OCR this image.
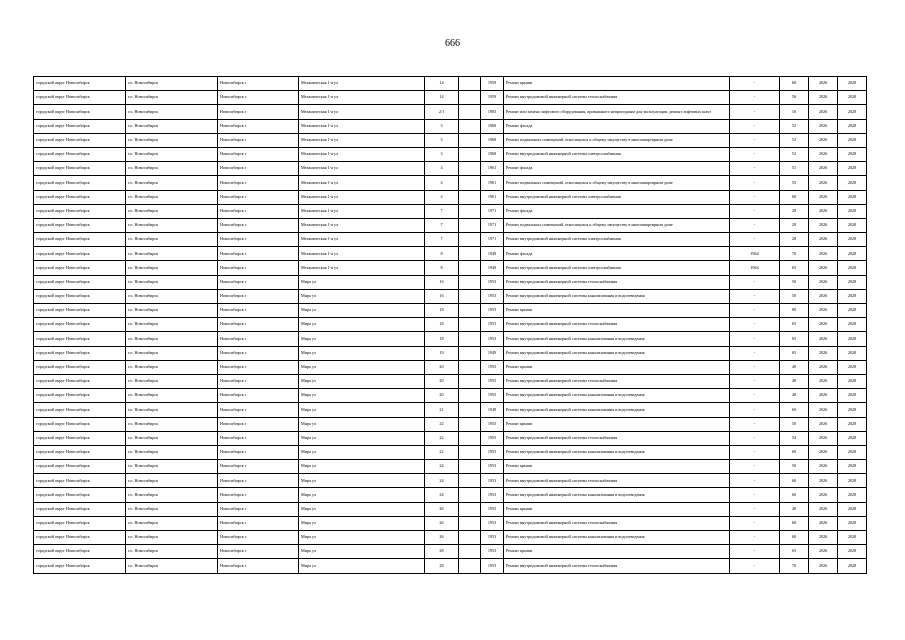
666
городской округ Новосибирск	г.о. Новосибирск	Новосибирск г	Механическая 1-я ул	14		1959	Ремонт крыши	-	60	2026	2028
городской округ Новосибирск	г.о. Новосибирск	Новосибирск г	Механическая 1-я ул	14		1959	Ремонт внутридомовой инженерной системы теплоснабжения	-	56	2026	2028
городской округ Новосибирск	г.о. Новосибирск	Новосибирск г	Механическая 1-я ул	2/1		1983	Ремонт или замена лифтового оборудования, признанного непригодным для эксплуатации, ремонт лифтовых шахт	-	16	2026	2028
городской округ Новосибирск	г.о. Новосибирск	Новосибирск г	Механическая 1-я ул	3		1968	Ремонт фасада	-	52	2026	2028
городской округ Новосибирск	г.о. Новосибирск	Новосибирск г	Механическая 1-я ул	3		1968	Ремонт подвальных помещений, относящихся к общему имуществу в многоквартирном доме	-	52	2026	2028
городской округ Новосибирск	г.о. Новосибирск	Новосибирск г	Механическая 1-я ул	3		1968	Ремонт внутридомовой инженерной системы электроснабжения	-	52	2026	2028
городской округ Новосибирск	г.о. Новосибирск	Новосибирск г	Механическая 1-я ул	4		1961	Ремонт фасада	-	51	2026	2028
городской округ Новосибирск	г.о. Новосибирск	Новосибирск г	Механическая 1-я ул	4		1961	Ремонт подвальных помещений, относящихся к общему имуществу в многоквартирном доме	-	55	2026	2028
городской округ Новосибирск	г.о. Новосибирск	Новосибирск г	Механическая 1-я ул	4		1961	Ремонт внутридомовой инженерной системы электроснабжения	-	60	2026	2028
городской округ Новосибирск	г.о. Новосибирск	Новосибирск г	Механическая 1-я ул	7		1971	Ремонт фасада	-	28	2026	2028
городской округ Новосибирск	г.о. Новосибирск	Новосибирск г	Механическая 1-я ул	7		1971	Ремонт подвальных помещений, относящихся к общему имуществу в многоквартирном доме	-	28	2026	2028
городской округ Новосибирск	г.о. Новосибирск	Новосибирск г	Механическая 1-я ул	7		1971	Ремонт внутридомовой инженерной системы электроснабжения	-	28	2026	2028
городской округ Новосибирск	г.о. Новосибирск	Новосибирск г	Механическая 1-я ул	8		1949	Ремонт фасада	1964	70	2026	2028
городской округ Новосибирск	г.о. Новосибирск	Новосибирск г	Механическая 1-я ул	8		1949	Ремонт внутридомовой инженерной системы электроснабжения	1964	65	2026	2028
городской округ Новосибирск	г.о. Новосибирск	Новосибирск г	Мира ул	16		1953	Ремонт внутридомовой инженерной системы теплоснабжения	-	50	2026	2028
городской округ Новосибирск	г.о. Новосибирск	Новосибирск г	Мира ул	16		1953	Ремонт внутридомовой инженерной системы канализования и водоотведения	-	50	2026	2028
городской округ Новосибирск	г.о. Новосибирск	Новосибирск г	Мира ул	18		1953	Ремонт крыши	-	80	2026	2028
городской округ Новосибирск	г.о. Новосибирск	Новосибирск г	Мира ул	18		1953	Ремонт внутридомовой инженерной системы теплоснабжения	-	65	2026	2028
городской округ Новосибирск	г.о. Новосибирск	Новосибирск г	Мира ул	18		1953	Ремонт внутридомовой инженерной системы канализования и водоотведения	-	65	2026	2028
городской округ Новосибирск	г.о. Новосибирск	Новосибирск г	Мира ул	19		1949	Ремонт внутридомовой инженерной системы канализования и водоотведения	-	65	2026	2028
городской округ Новосибирск	г.о. Новосибирск	Новосибирск г	Мира ул	20		1955	Ремонт крыши	-	40	2026	2028
городской округ Новосибирск	г.о. Новосибирск	Новосибирск г	Мира ул	20		1955	Ремонт внутридомовой инженерной системы теплоснабжения	-	48	2026	2028
городской округ Новосибирск	г.о. Новосибирск	Новосибирск г	Мира ул	20		1955	Ремонт внутридомовой инженерной системы канализования и водоотведения	-	48	2026	2028
городской округ Новосибирск	г.о. Новосибирск	Новосибирск г	Мира ул	21		1949	Ремонт внутридомовой инженерной системы канализования и водоотведения	-	60	2026	2028
городской округ Новосибирск	г.о. Новосибирск	Новосибирск г	Мира ул	22		1955	Ремонт крыши	-	50	2026	2028
городской округ Новосибирск	г.о. Новосибирск	Новосибирск г	Мира ул	22		1955	Ремонт внутридомовой инженерной системы теплоснабжения	-	54	2026	2028
городской округ Новосибирск	г.о. Новосибирск	Новосибирск г	Мира ул	22		1955	Ремонт внутридомовой инженерной системы канализования и водоотведения	-	60	2026	2028
городской округ Новосибирск	г.о. Новосибирск	Новосибирск г	Мира ул	24		1953	Ремонт крыши	-	50	2026	2028
городской округ Новосибирск	г.о. Новосибирск	Новосибирск г	Мира ул	24		1953	Ремонт внутридомовой инженерной системы теплоснабжения	-	60	2026	2028
городской округ Новосибирск	г.о. Новосибирск	Новосибирск г	Мира ул	24		1953	Ремонт внутридомовой инженерной системы канализования и водоотведения	-	60	2026	2028
городской округ Новосибирск	г.о. Новосибирск	Новосибирск г	Мира ул	26		1955	Ремонт крыши	-	40	2026	2028
городской округ Новосибирск	г.о. Новосибирск	Новосибирск г	Мира ул	26		1953	Ремонт внутридомовой инженерной системы теплоснабжения	-	60	2026	2028
городской округ Новосибирск	г.о. Новосибирск	Новосибирск г	Мира ул	26		1953	Ремонт внутридомовой инженерной системы канализования и водоотведения	-	60	2026	2028
городской округ Новосибирск	г.о. Новосибирск	Новосибирск г	Мира ул	28		1953	Ремонт крыши	-	65	2026	2028
городской округ Новосибирск	г.о. Новосибирск	Новосибирск г	Мира ул	28		1953	Ремонт внутридомовой инженерной системы теплоснабжения	-	70	2026	2028
